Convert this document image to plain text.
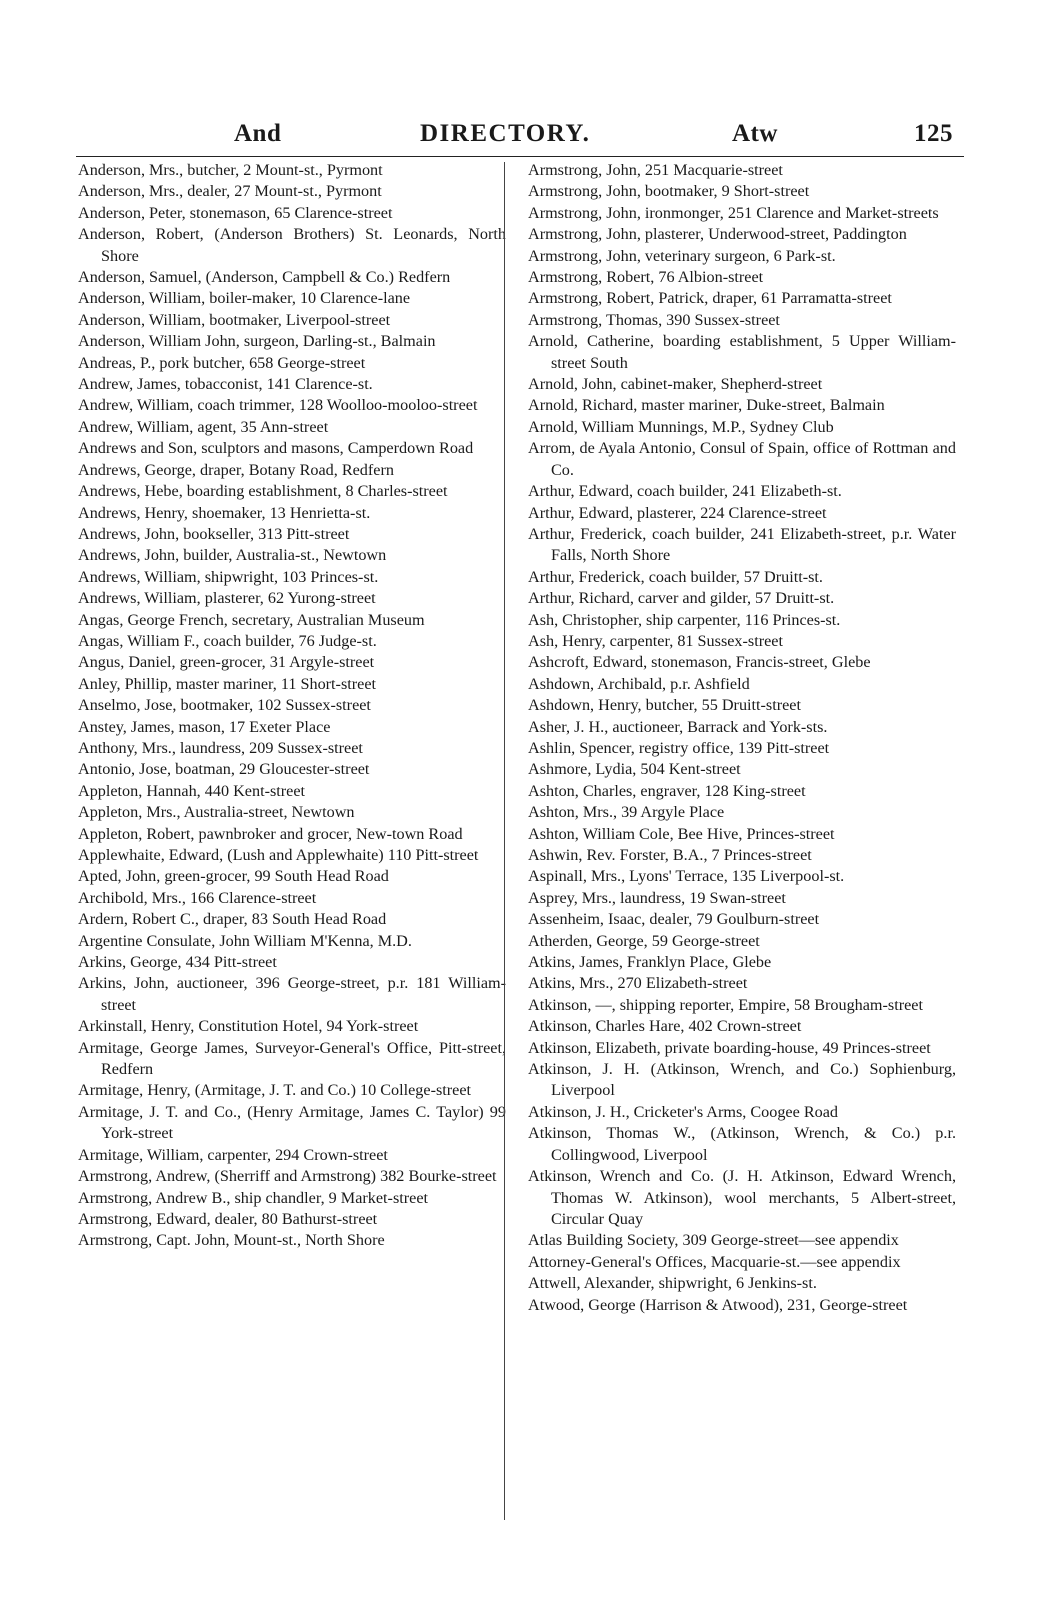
And	DIRECTORY.	Atw	125

Anderson, Mrs., butcher, 2 Mount-st., Pyrmont

Anderson, Mrs., dealer, 27 Mount-st., Pyrmont

Anderson, Peter, stonemason, 65 Clarence-street

Anderson, Robert, (Anderson Brothers) St. Leonards, North Shore

Anderson, Samuel, (Anderson, Campbell & Co.) Redfern

Anderson, William, boiler-maker, 10 Clarence-lane

Anderson, William, bootmaker, Liverpool-street

Anderson, William John, surgeon, Darling-st., Balmain

Andreas, P., pork butcher, 658 George-street

Andrew, James, tobacconist, 141 Clarence-st.

Andrew, William, coach trimmer, 128 Woolloo-mooloo-street

Andrew, William, agent, 35 Ann-street

Andrews and Son, sculptors and masons, Camperdown Road

Andrews, George, draper, Botany Road, Redfern

Andrews, Hebe, boarding establishment, 8 Charles-street

Andrews, Henry, shoemaker, 13 Henrietta-st.

Andrews, John, bookseller, 313 Pitt-street

Andrews, John, builder, Australia-st., Newtown

Andrews, William, shipwright, 103 Princes-st.

Andrews, William, plasterer, 62 Yurong-street

Angas, George French, secretary, Australian Museum

Angas, William F., coach builder, 76 Judge-st.

Angus, Daniel, green-grocer, 31 Argyle-street

Anley, Phillip, master mariner, 11 Short-street

Anselmo, Jose, bootmaker, 102 Sussex-street

Anstey, James, mason, 17 Exeter Place

Anthony, Mrs., laundress, 209 Sussex-street

Antonio, Jose, boatman, 29 Gloucester-street

Appleton, Hannah, 440 Kent-street

Appleton, Mrs., Australia-street, Newtown

Appleton, Robert, pawnbroker and grocer, New-town Road

Applewhaite, Edward, (Lush and Applewhaite) 110 Pitt-street

Apted, John, green-grocer, 99 South Head Road

Archibold, Mrs., 166 Clarence-street

Ardern, Robert C., draper, 83 South Head Road

Argentine Consulate, John William M'Kenna, M.D.

Arkins, George, 434 Pitt-street

Arkins, John, auctioneer, 396 George-street, p.r. 181 William-street

Arkinstall, Henry, Constitution Hotel, 94 York-street

Armitage, George James, Surveyor-General's Office, Pitt-street, Redfern

Armitage, Henry, (Armitage, J. T. and Co.) 10 College-street

Armitage, J. T. and Co., (Henry Armitage, James C. Taylor) 99 York-street

Armitage, William, carpenter, 294 Crown-street

Armstrong, Andrew, (Sherriff and Armstrong) 382 Bourke-street

Armstrong, Andrew B., ship chandler, 9 Market-street

Armstrong, Edward, dealer, 80 Bathurst-street

Armstrong, Capt. John, Mount-st., North Shore

Armstrong, John, 251 Macquarie-street

Armstrong, John, bootmaker, 9 Short-street

Armstrong, John, ironmonger, 251 Clarence and Market-streets

Armstrong, John, plasterer, Underwood-street, Paddington

Armstrong, John, veterinary surgeon, 6 Park-st.

Armstrong, Robert, 76 Albion-street

Armstrong, Robert, Patrick, draper, 61 Parramatta-street

Armstrong, Thomas, 390 Sussex-street

Arnold, Catherine, boarding establishment, 5 Upper William-street South

Arnold, John, cabinet-maker, Shepherd-street

Arnold, Richard, master mariner, Duke-street, Balmain

Arnold, William Munnings, M.P., Sydney Club

Arrom, de Ayala Antonio, Consul of Spain, office of Rottman and Co.

Arthur, Edward, coach builder, 241 Elizabeth-st.

Arthur, Edward, plasterer, 224 Clarence-street

Arthur, Frederick, coach builder, 241 Elizabeth-street, p.r. Water Falls, North Shore

Arthur, Frederick, coach builder, 57 Druitt-st.

Arthur, Richard, carver and gilder, 57 Druitt-st.

Ash, Christopher, ship carpenter, 116 Princes-st.

Ash, Henry, carpenter, 81 Sussex-street

Ashcroft, Edward, stonemason, Francis-street, Glebe

Ashdown, Archibald, p.r. Ashfield

Ashdown, Henry, butcher, 55 Druitt-street

Asher, J. H., auctioneer, Barrack and York-sts.

Ashlin, Spencer, registry office, 139 Pitt-street

Ashmore, Lydia, 504 Kent-street

Ashton, Charles, engraver, 128 King-street

Ashton, Mrs., 39 Argyle Place

Ashton, William Cole, Bee Hive, Princes-street

Ashwin, Rev. Forster, B.A., 7 Princes-street

Aspinall, Mrs., Lyons' Terrace, 135 Liverpool-st.

Asprey, Mrs., laundress, 19 Swan-street

Assenheim, Isaac, dealer, 79 Goulburn-street

Atherden, George, 59 George-street

Atkins, James, Franklyn Place, Glebe

Atkins, Mrs., 270 Elizabeth-street

Atkinson, —, shipping reporter, Empire, 58 Brougham-street

Atkinson, Charles Hare, 402 Crown-street

Atkinson, Elizabeth, private boarding-house, 49 Princes-street

Atkinson, J. H. (Atkinson, Wrench, and Co.) Sophienburg, Liverpool

Atkinson, J. H., Cricketer's Arms, Coogee Road

Atkinson, Thomas W., (Atkinson, Wrench, & Co.) p.r. Collingwood, Liverpool

Atkinson, Wrench and Co. (J. H. Atkinson, Edward Wrench, Thomas W. Atkinson), wool merchants, 5 Albert-street, Circular Quay

Atlas Building Society, 309 George-street—see appendix

Attorney-General's Offices, Macquarie-st.—see appendix

Attwell, Alexander, shipwright, 6 Jenkins-st.

Atwood, George (Harrison & Atwood), 231, George-street
